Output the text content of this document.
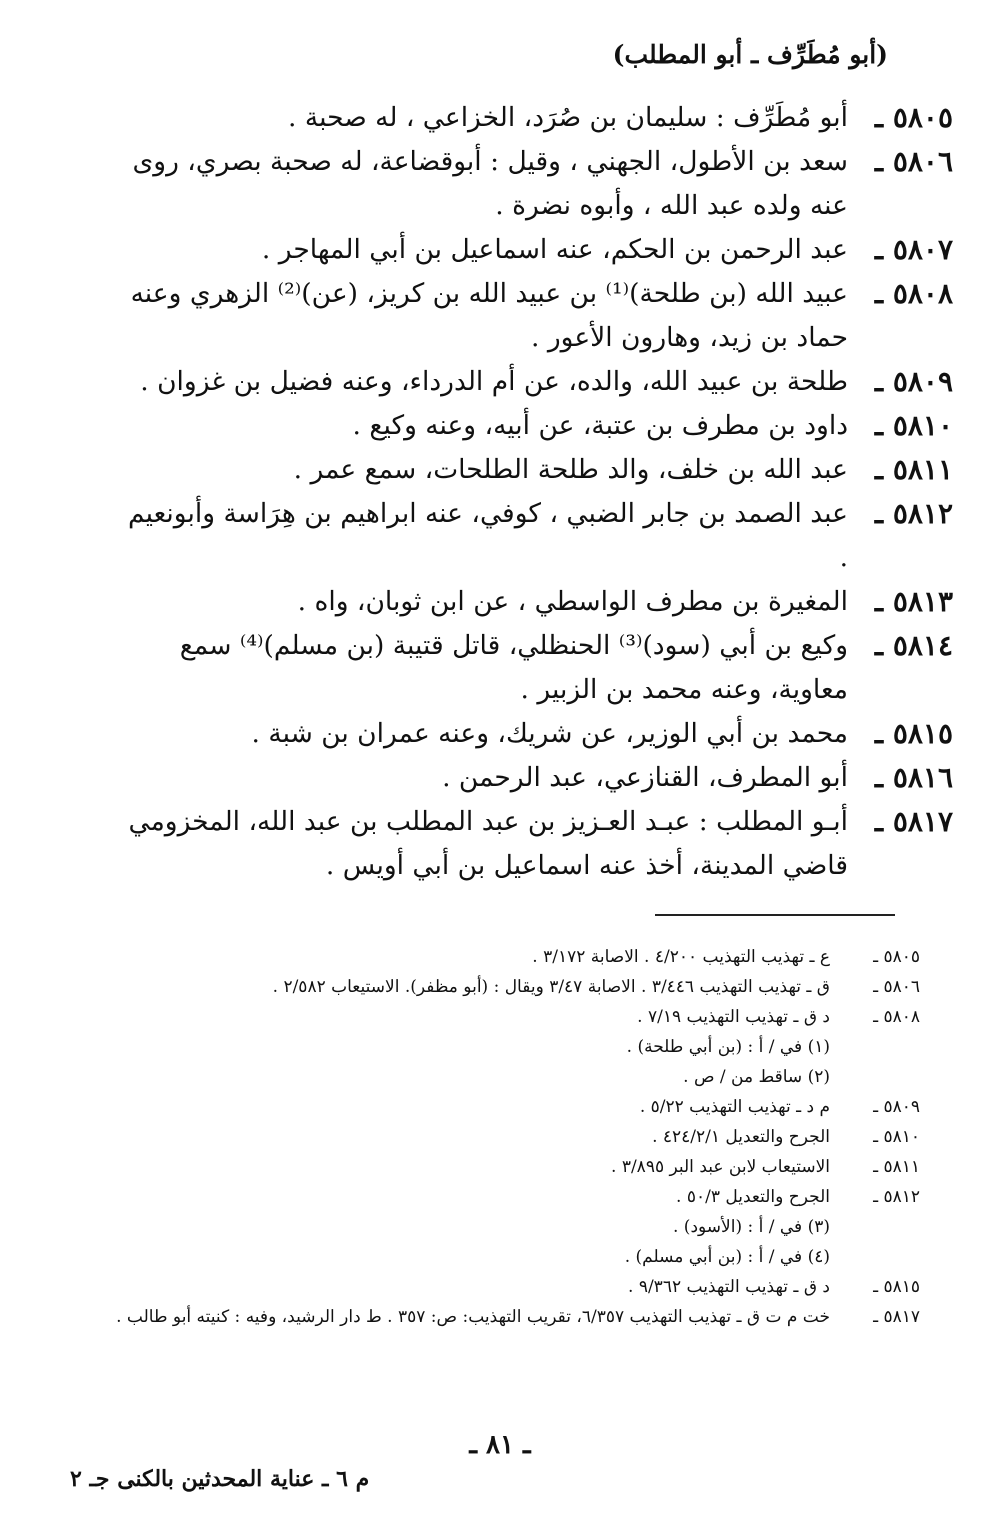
(أبو مُطَرِّف ـ أبو المطلب)
٥٨٠٥ ـ
أبو مُطَرِّف : سليمان بن صُرَد، الخزاعي ، له صحبة .
٥٨٠٦ ـ
سعد بن الأطول، الجهني ، وقيل : أبوقضاعة، له صحبة بصري، روى عنه ولده عبد الله ، وأبوه نضرة .
٥٨٠٧ ـ
عبد الرحمن بن الحكم، عنه اسماعيل بن أبي المهاجر .
٥٨٠٨ ـ
عبيد الله (بن طلحة)⁽¹⁾ بن عبيد الله بن كريز، (عن)⁽²⁾ الزهري وعنه حماد بن زيد، وهارون الأعور .
٥٨٠٩ ـ
طلحة بن عبيد الله، والده، عن أم الدرداء، وعنه فضيل بن غزوان .
٥٨١٠ ـ
داود بن مطرف بن عتبة، عن أبيه، وعنه وكيع .
٥٨١١ ـ
عبد الله بن خلف، والد طلحة الطلحات، سمع عمر .
٥٨١٢ ـ
عبد الصمد بن جابر الضبي ، كوفي، عنه ابراهيم بن هِرَاسة وأبونعيم .
٥٨١٣ ـ
المغيرة بن مطرف الواسطي ، عن ابن ثوبان، واه .
٥٨١٤ ـ
وكيع بن أبي (سود)⁽³⁾ الحنظلي، قاتل قتيبة (بن مسلم)⁽⁴⁾ سمع معاوية، وعنه محمد بن الزبير .
٥٨١٥ ـ
محمد بن أبي الوزير، عن شريك، وعنه عمران بن شبة .
٥٨١٦ ـ
أبو المطرف، القنازعي، عبد الرحمن .
٥٨١٧ ـ
أبـو المطلب : عبـد العـزيز بن عبد المطلب بن عبد الله، المخزومي قاضي المدينة، أخذ عنه اسماعيل بن أبي أويس .
٥٨٠٥ ـ
ع ـ تهذيب التهذيب ٤/٢٠٠ . الاصابة ٣/١٧٢ .
٥٨٠٦ ـ
ق ـ تهذيب التهذيب ٣/٤٤٦ . الاصابة ٣/٤٧ ويقال : (أبو مظفر). الاستيعاب ٢/٥٨٢ .
٥٨٠٨ ـ
د ق ـ تهذيب التهذيب ٧/١٩ .
(١) في / أ : (بن أبي طلحة) .
(٢) ساقط من / ص .
٥٨٠٩ ـ
م د ـ تهذيب التهذيب ٥/٢٢ .
٥٨١٠ ـ
الجرح والتعديل ٤٢٤/٢/١ .
٥٨١١ ـ
الاستيعاب لابن عبد البر ٣/٨٩٥ .
٥٨١٢ ـ
الجرح والتعديل ٥٠/٣ .
(٣) في / أ : (الأسود) .
(٤) في / أ : (بن أبي مسلم) .
٥٨١٥ ـ
د ق ـ تهذيب التهذيب ٩/٣٦٢ .
٥٨١٧ ـ
خت م ت ق ـ تهذيب التهذيب ٦/٣٥٧، تقريب التهذيب: ص: ٣٥٧ . ط دار الرشيد، وفيه : كنيته أبو طالب .
ـ ٨١ ـ
م ٦ ـ عناية المحدثين بالكنى جـ ٢
